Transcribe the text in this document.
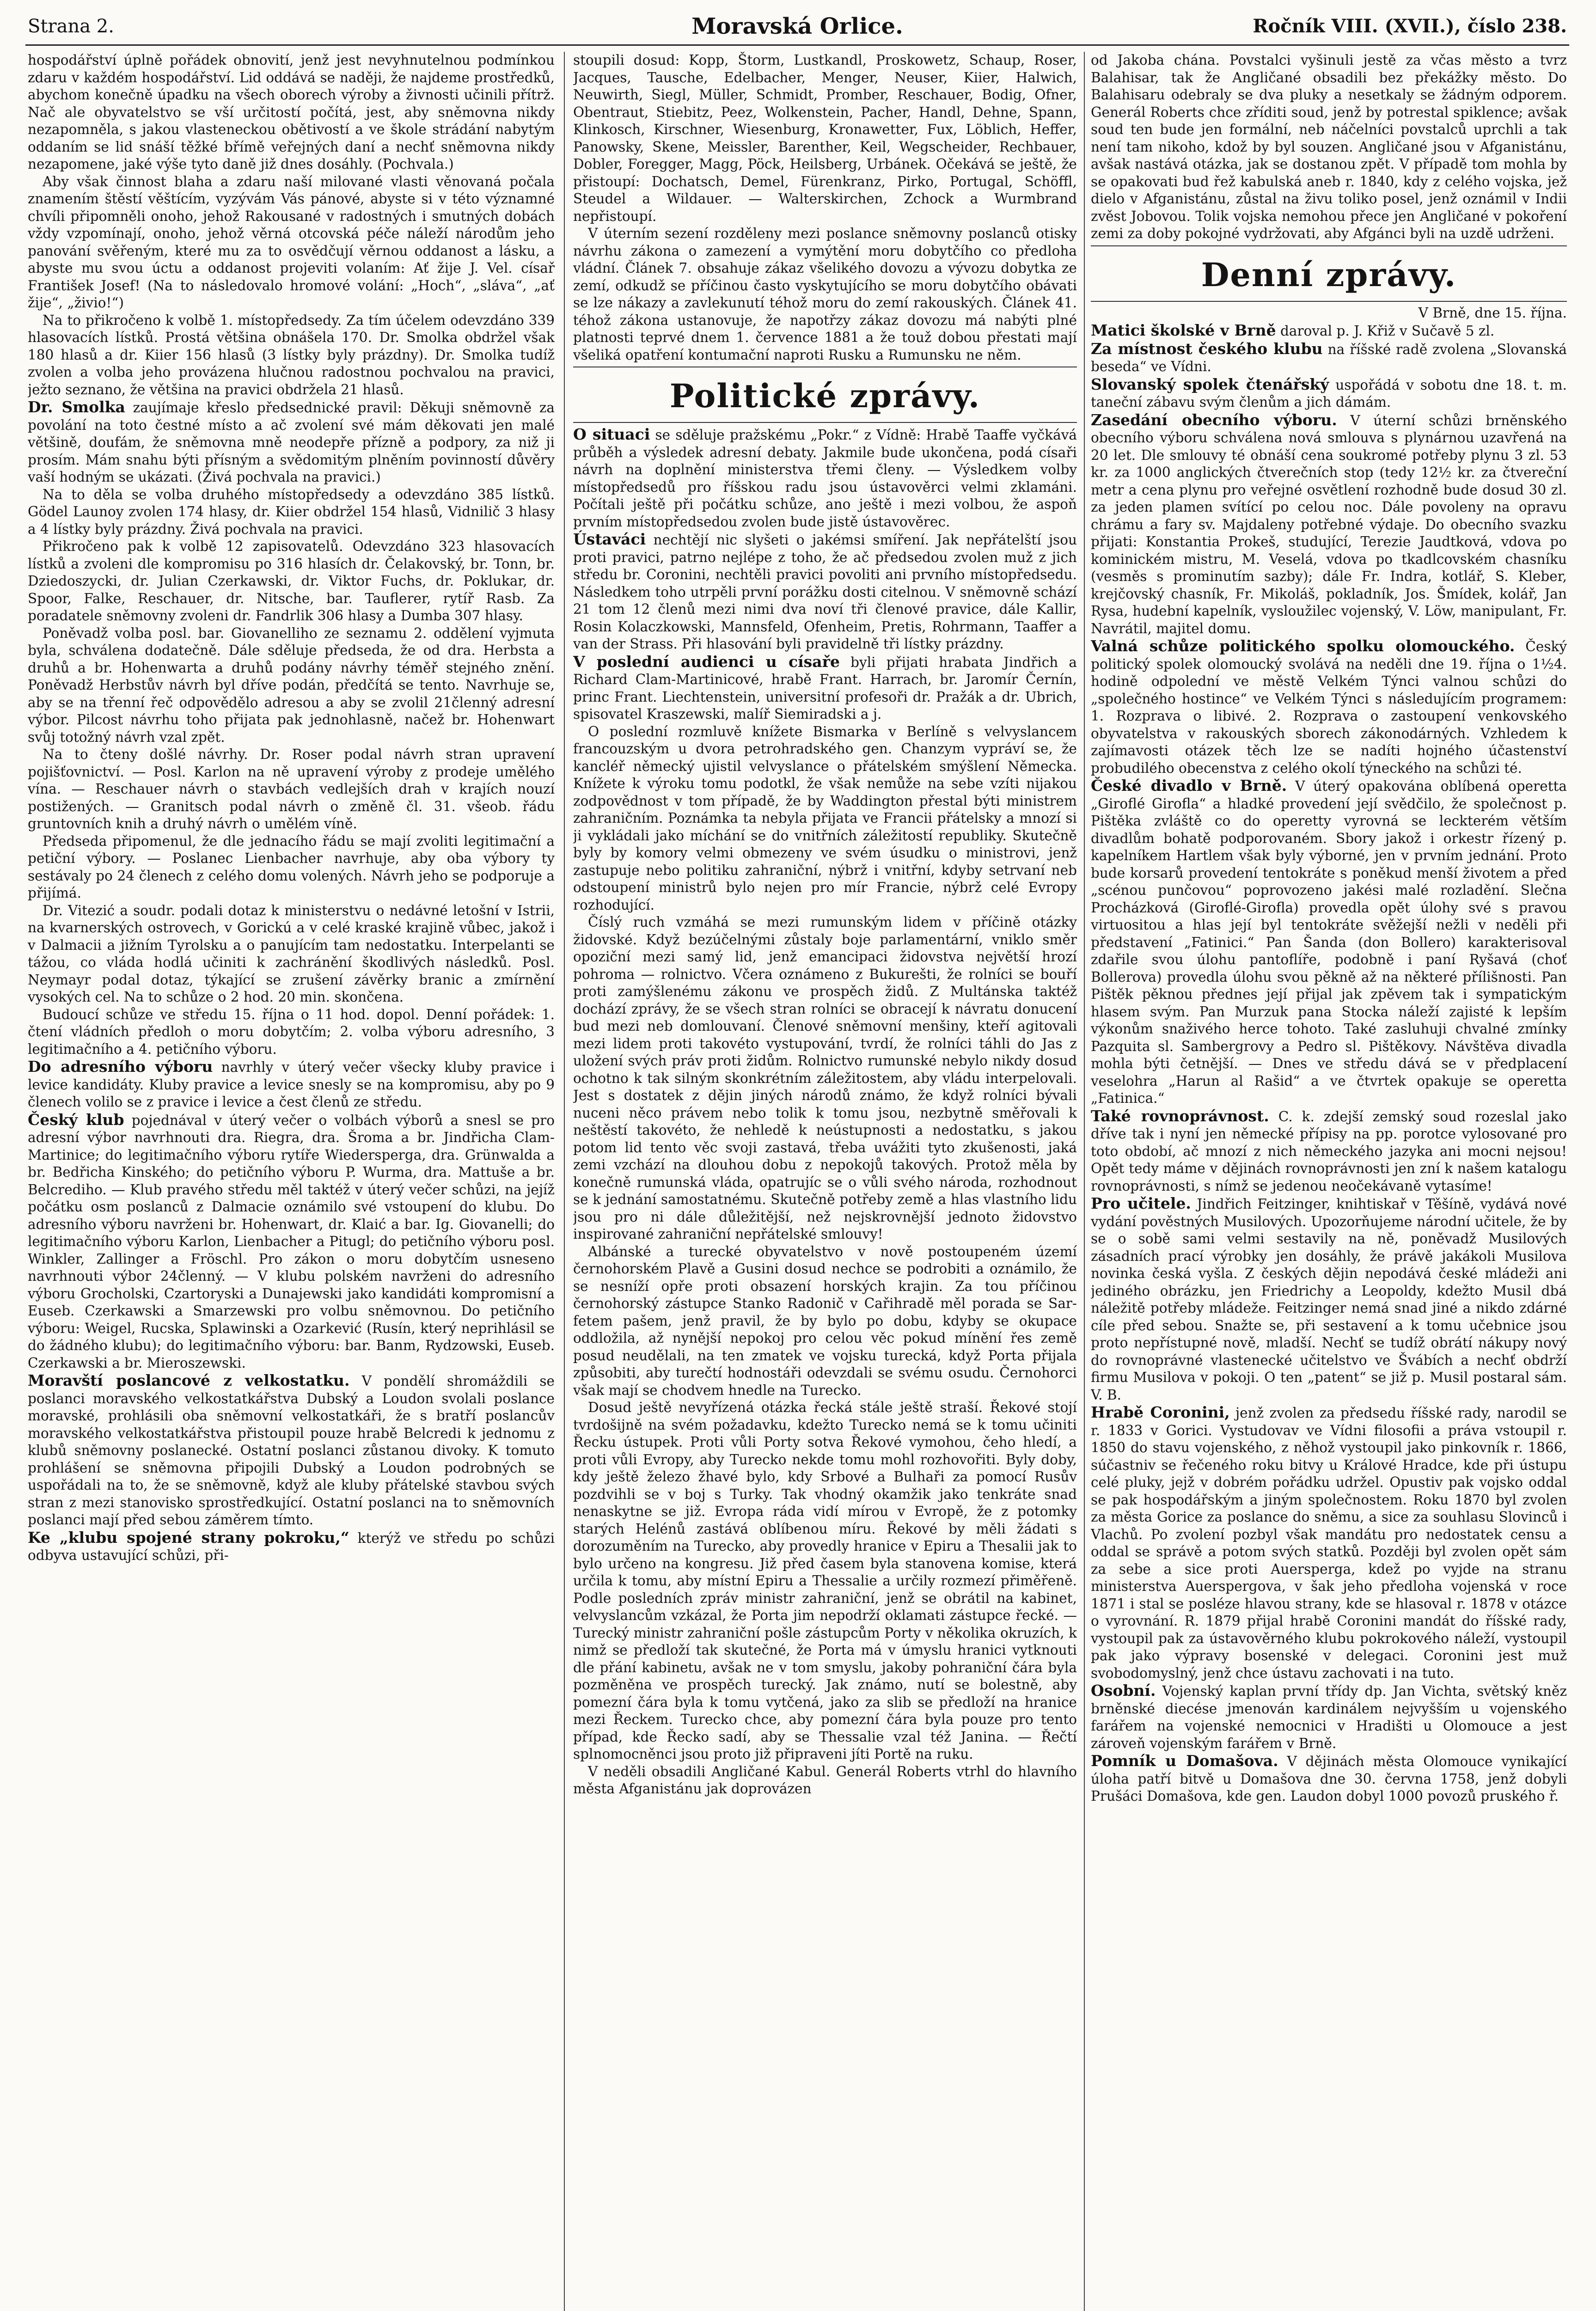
Strana 2.	Moravská Orlice.	Ročník VIII. (XVII.), číslo 238.

hospodářství úplně pořádek obnovití, jenž jest nevyhnutelnou podmínkou zdaru v každém hospodářství. Lid oddává se naději, že najdeme prostředků, abychom konečně úpadku na všech oborech výroby a živnosti učinili přítrž. Nač ale obyvatelstvo se vší určitostí počítá, jest, aby sněmovna nikdy nezapomněla, s jakou vlasteneckou obětivostí a ve škole strádání nabytým oddaním se lid snáší těžké břímě veřejných daní a nechť sněmovna nikdy nezapomene, jaké výše tyto daně již dnes dosáhly. (Pochvala.)

Aby však činnost blaha a zdaru naší milované vlasti věnovaná počala znamením štěstí věštícím, vyzývám Vás pánové, abyste si v této významné chvíli připomněli onoho, jehož Rakousané v radostných i smutných dobách vždy vzpomínají, onoho, jehož věrná otcovská péče náleží národům jeho panování svěřeným, které mu za to osvědčují věrnou oddanost a lásku, a abyste mu svou úctu a oddanost projeviti volaním: Ať žije J. Vel. císař František Josef! (Na to následovalo hromové volání: „Hoch“, „sláva“, „ať žije“, „živio!“)

Na to přikročeno k volbě 1. místopředsedy. Za tím účelem odevzdáno 339 hlasovacích lístků. Prostá většina obnášela 170. Dr. Smolka obdržel však 180 hlasů a dr. Kiier 156 hlasů (3 lístky byly prázdny). Dr. Smolka tudíž zvolen a volba jeho provázena hlučnou radostnou pochvalou na pravici, ježto seznano, že většina na pravici obdržela 21 hlasů.

Dr. Smolka zaujímaje křeslo předsednické pravil: Děkuji sněmovně za povolání na toto čestné místo a ač zvolení své mám děkovati jen malé většině, doufám, že sněmovna mně neodepře přízně a podpory, za niž ji prosím. Mám snahu býti přísným a svědomitým plněním povinností důvěry vaší hodným se ukázati. (Živá pochvala na pravici.)

Na to děla se volba druhého místopředsedy a odevzdáno 385 lístků. Gödel Launoy zvolen 174 hlasy, dr. Kiier obdržel 154 hlasů, Vidnilič 3 hlasy a 4 lístky byly prázdny. Živá pochvala na pravici.

Přikročeno pak k volbě 12 zapisovatelů. Odevzdáno 323 hlasovacích lístků a zvoleni dle kompromisu po 316 hlasích dr. Čelakovský, br. Tonn, br. Dziedoszycki, dr. Julian Czerkawski, dr. Viktor Fuchs, dr. Poklukar, dr. Spoor, Falke, Reschauer, dr. Nitsche, bar. Tauflerer, rytíř Rasb. Za poradatele sněmovny zvoleni dr. Fandrlik 306 hlasy a Dumba 307 hlasy.

Poněvadž volba posl. bar. Giovanelliho ze seznamu 2. oddělení vyjmuta byla, schválena dodatečně. Dále sděluje předseda, že od dra. Herbsta a druhů a br. Hohenwarta a druhů podány návrhy téměř stejného znění. Poněvadž Herbstův návrh byl dříve podán, předčítá se tento. Navrhuje se, aby se na třenní řeč odpovědělo adresou a aby se zvolil 21členný adresní výbor. Pilcost návrhu toho přijata pak jednohlasně, načež br. Hohenwart svůj totožný návrh vzal zpět.

Na to čteny došlé návrhy. Dr. Roser podal návrh stran upravení pojišťovnictví. — Posl. Karlon na ně upravení výroby z prodeje umělého vína. — Reschauer návrh o stavbách vedlejších drah v krajích nouzí postižených. — Granitsch podal návrh o změně čl. 31. všeob. řádu gruntovních knih a druhý návrh o umělém víně.

Předseda připomenul, že dle jednacího řádu se mají zvoliti legitimační a petiční výbory. — Poslanec Lienbacher navrhuje, aby oba výbory ty sestávaly po 24 členech z celého domu volených. Návrh jeho se podporuje a přijímá.

Dr. Vitezić a soudr. podali dotaz k ministerstvu o nedávné letošní v Istrii, na kvarnerských ostrovech, v Gorickú a v celé kraské krajině vůbec, jakož i v Dalmacii a jižním Tyrolsku a o panujícím tam nedostatku. Interpelanti se tážou, co vláda hodlá učiniti k zachránění škodlivých následků. Posl. Neymayr podal dotaz, týkající se zrušení závěrky branic a zmírnění vysokých cel. Na to schůze o 2 hod. 20 min. skončena.

Budoucí schůze ve středu 15. října o 11 hod. dopol. Denní pořádek: 1. čtení vládních předloh o moru dobytčím; 2. volba výboru adresního, 3 legitimačního a 4. petičního výboru.

Do adresního výboru navrhly v úterý večer všecky kluby pravice i levice kandidáty. Kluby pravice a levice snesly se na kompromisu, aby po 9 členech volilo se z pravice i levice a čest členů ze středu.

Český klub pojednával v úterý večer o volbách výborů a snesl se pro adresní výbor navrhnouti dra. Riegra, dra. Šroma a br. Jindřicha Clam-Martinice; do legitimačního výboru rytíře Wiedersperga, dra. Grünwalda a br. Bedřicha Kinského; do petičního výboru P. Wurma, dra. Mattuše a br. Belcrediho. — Klub pravého středu měl taktéž v úterý večer schůzi, na jejíž počátku osm poslanců z Dalmacie oznámilo své vstoupení do klubu. Do adresního výboru navrženi br. Hohenwart, dr. Klaić a bar. Ig. Giovanelli; do legitimačního výboru Karlon, Lienbacher a Pitugl; do petičního výboru posl. Winkler, Zallinger a Fröschl. Pro zákon o moru dobytčím usneseno navrhnouti výbor 24členný. — V klubu polském navrženi do adresního výboru Grocholski, Czartoryski a Dunajewski jako kandidáti kompromisní a Euseb. Czerkawski a Smarzewski pro volbu sněmovnou. Do petičního výboru: Weigel, Rucska, Splawinski a Ozarkević (Rusín, který neprihlásil se do žádného klubu); do legitimačního výboru: bar. Banm, Rydzowski, Euseb. Czerkawski a br. Mieroszewski.

Moravští poslancové z velkostatku. V pondělí shromáždili se poslanci moravského velkostatkářstva Dubský a Loudon svolali poslance moravské, prohlásili oba sněmovní velkostatkáři, že s bratří poslancův moravského velkostatkářstva přistoupil pouze hrabě Belcredi k jednomu z klubů sněmovny poslanecké. Ostatní poslanci zůstanou divoky. K tomuto prohlášení se sněmovna připojili Dubský a Loudon podrobných se uspořádali na to, že se sněmovně, když ale kluby přátelské stavbou svých stran z mezi stanovisko sprostředkující. Ostatní poslanci na to sněmovních poslanci mají před sebou záměrem tímto.

Ke „klubu spojené strany pokroku,“ kterýž ve středu po schůzi odbyva ustavující schůzi, při-

stoupili dosud: Kopp, Štorm, Lustkandl, Proskowetz, Schaup, Roser, Jacques, Tausche, Edelbacher, Menger, Neuser, Kiier, Halwich, Neuwirth, Siegl, Müller, Schmidt, Promber, Reschauer, Bodig, Ofner, Obentraut, Stiebitz, Peez, Wolkenstein, Pacher, Handl, Dehne, Spann, Klinkosch, Kirschner, Wiesenburg, Kronawetter, Fux, Löblich, Heffer, Panowsky, Skene, Meissler, Barenther, Keil, Wegscheider, Rechbauer, Dobler, Foregger, Magg, Pöck, Heilsberg, Urbánek. Očekává se ještě, že přistoupí: Dochatsch, Demel, Fürenkranz, Pirko, Portugal, Schöffl, Steudel a Wildauer. — Walterskirchen, Zchock a Wurmbrand nepřistoupí.

V úterním sezení rozděleny mezi poslance sněmovny poslanců otisky návrhu zákona o zamezení a vymýtění moru dobytčího co předloha vládní. Článek 7. obsahuje zákaz všelikého dovozu a vývozu dobytka ze zemí, odkudž se příčinou často vyskytujícího se moru dobytčího obávati se lze nákazy a zavlekunutí téhož moru do zemí rakouských. Článek 41. téhož zákona ustanovuje, že napotřzy zákaz dovozu má nabýti plné platnosti teprvé dnem 1. července 1881 a že touž dobou přestati mají všeliká opatření kontumační naproti Rusku a Rumunsku ne něm.

Politické zprávy.

O situaci se sděluje pražskému „Pokr.“ z Vídně: Hrabě Taaffe vyčkává průběh a výsledek adresní debaty. Jakmile bude ukončena, podá císaři návrh na doplnění ministerstva třemi členy. — Výsledkem volby místopředsedů pro říšskou radu jsou ústavověrci velmi zklamáni. Počítali ještě při počátku schůze, ano ještě i mezi volbou, že aspoň prvním místopředsedou zvolen bude jistě ústavověrec.

Ústaváci nechtějí nic slyšeti o jakémsi smíření. Jak nepřátelští jsou proti pravici, patrno nejlépe z toho, že ač předsedou zvolen muž z jich středu br. Coronini, nechtěli pravici povoliti ani prvního místopředsedu. Následkem toho utrpěli první porážku dosti citelnou. V sněmovně schází 21 tom 12 členů mezi nimi dva noví tři členové pravice, dále Kallir, Rosin Kolaczkowski, Mannsfeld, Ofenheim, Pretis, Rohrmann, Taaffer a van der Strass. Při hlasování byli pravidelně tři lístky prázdny.

V poslední audienci u císaře byli přijati hrabata Jindřich a Richard Clam-Martinicové, hrabě Frant. Harrach, br. Jaromír Černín, princ Frant. Liechtenstein, universitní profesoři dr. Pražák a dr. Ubrich, spisovatel Kraszewski, malíř Siemiradski a j.

O poslední rozmluvě knížete Bismarka v Berlíně s velvyslancem francouzským u dvora petrohradského gen. Chanzym vypráví se, že kancléř německý ujistil velvyslance o přátelském smýšlení Německa. Knížete k výroku tomu podotkl, že však nemůže na sebe vzíti nijakou zodpovědnost v tom případě, že by Waddington přestal býti ministrem zahraničním. Poznámka ta nebyla přijata ve Francii přátelsky a mnozí si ji vykládali jako míchání se do vnitřních záležitostí republiky. Skutečně byly by komory velmi obmezeny ve svém úsudku o ministrovi, jenž zastupuje nebo politiku zahraniční, nýbrž i vnitřní, kdyby setrvaní neb odstoupení ministrů bylo nejen pro mír Francie, nýbrž celé Evropy rozhodující.

Číslý ruch vzmáhá se mezi rumunským lidem v příčině otázky židovské. Když bezúčelnými zůstaly boje parlamentární, vniklo směr opoziční mezi samý lid, jenž emancipaci židovstva největší hrozí pohroma — rolnictvo. Včera oznámeno z Bukurešti, že rolníci se bouří proti zamýšlenému zákonu ve prospěch židů. Z Multánska taktéž dochází zprávy, že se všech stran rolníci se obracejí k návratu donucení bud mezi neb domlouvaní. Členové sněmovní menšiny, kteří agitovali mezi lidem proti takovéto vystupování, tvrdí, že rolníci táhli do Jas z uložení svých práv proti židům. Rolnictvo rumunské nebylo nikdy dosud ochotno k tak silným skonkrétním záležitostem, aby vládu interpelovali. Jest s dostatek z dějin jiných národů známo, že když rolníci bývali nuceni něco právem nebo tolik k tomu jsou, nezbytně směřovali k neštěstí takovéto, že nehledě k neústupnosti a nedostatku, s jakou potom lid tento věc svoji zastavá, třeba uvážiti tyto zkušenosti, jaká zemi vzchází na dlouhou dobu z nepokojů takových. Protož měla by konečně rumunská vláda, opatrujíc se o vůli svého národa, rozhodnout se k jednání samostatnému. Skutečně potřeby země a hlas vlastního lidu jsou pro ni dále důležitější, než nejskrovnější jednoto židovstvo inspirované zahraniční nepřátelské smlouvy!

Albánské a turecké obyvatelstvo v nově postoupeném území černohorském Plavě a Gusini dosud nechce se podrobiti a oznámilo, že se nesníží opře proti obsazení horských krajin. Za tou příčinou černohorský zástupce Stanko Radonič v Cařihradě měl porada se Sar-fetem pašem, jenž pravil, že by bylo po dobu, kdyby se okupace oddložila, až nynější nepokoj pro celou věc pokud mínění řes země posud neudělali, na ten zmatek ve vojsku turecká, když Porta přijala způsobiti, aby turečtí hodnostáři odevzdali se svému osudu. Černohorci však mají se chodvem hnedle na Turecko.

Dosud ještě nevyřízená otázka řecká stále ještě straší. Řekové stojí tvrdošijně na svém požadavku, kdežto Turecko nemá se k tomu učiniti Řecku ústupek. Proti vůli Porty sotva Řekové vymohou, čeho hledí, a proti vůli Evropy, aby Turecko nekde tomu mohl rozhovořiti. Byly doby, kdy ještě železo žhavé bylo, kdy Srbové a Bulhaři za pomocí Rusův pozdvihli se v boj s Turky. Tak vhodný okamžik jako tenkráte snad nenaskytne se již. Evropa ráda vidí mírou v Evropě, že z potomky starých Helénů zastává oblíbenou míru. Řekové by měli žádati s dorozuměním na Turecko, aby provedly hranice v Epiru a Thesalii jak to bylo určeno na kongresu. Již před časem byla stanovena komise, která určila k tomu, aby místní Epiru a Thessalie a určily rozmezí přiměřeně. Podle posledních zpráv ministr zahraniční, jenž se obrátil na kabinet, velvyslancům vzkázal, že Porta jim nepodrží oklamati zástupce řecké. — Turecký ministr zahraniční pošle zástupcům Porty v několika okruzích, k nimž se předloží tak skutečné, že Porta má v úmyslu hranici vytknouti dle přání kabinetu, avšak ne v tom smyslu, jakoby pohraniční čára byla pozměněna ve prospěch turecký. Jak známo, nutí se bolestně, aby pomezní čára byla k tomu vytčená, jako za slib se předloží na hranice mezi Řeckem. Turecko chce, aby pomezní čára byla pouze pro tento případ, kde Řecko sadí, aby se Thessalie vzal též Janina. — Řečtí splnomocněnci jsou proto již připraveni jíti Portě na ruku.

V neděli obsadili Angličané Kabul. Generál Roberts vtrhl do hlavního města Afganistánu jak doprovázen

od Jakoba chána. Povstalci vyšinuli jestě za včas město a tvrz Balahisar, tak že Angličané obsadili bez překážky město. Do Balahisaru odebraly se dva pluky a nesetkaly se žádným odporem. Generál Roberts chce zříditi soud, jenž by potrestal spiklence; avšak soud ten bude jen formální, neb náčelníci povstalců uprchli a tak není tam nikoho, kdož by byl souzen. Angličané jsou v Afganistánu, avšak nastává otázka, jak se dostanou zpět. V případě tom mohla by se opakovati bud řež kabulská aneb r. 1840, kdy z celého vojska, jež dielo v Afganistánu, zůstal na živu toliko posel, jenž oznámil v Indii zvěst Jobovou. Tolik vojska nemohou přece jen Angličané v pokoření zemi za doby pokojné vydržovati, aby Afgánci byli na uzdě udrženi.

Denní zprávy.

V Brně, dne 15. října.

Matici školské v Brně daroval p. J. Křiž v Sučavě 5 zl.

Za místnost českého klubu na říšské radě zvolena „Slovanská beseda“ ve Vídni.

Slovanský spolek čtenářský uspořádá v sobotu dne 18. t. m. taneční zábavu svým členům a jich dámám.

Zasedání obecního výboru. V úterní schůzi brněnského obecního výboru schválena nová smlouva s plynárnou uzavřená na 20 let. Dle smlouvy té obnáší cena soukromé potřeby plynu 3 zl. 53 kr. za 1000 anglických čtverečních stop (tedy 12½ kr. za čtvereční metr a cena plynu pro veřejné osvětlení rozhodně bude dosud 30 zl. za jeden plamen svítící po celou noc. Dále povoleny na opravu chrámu a fary sv. Majdaleny potřebné výdaje. Do obecního svazku přijati: Konstantia Prokeš, studující, Terezie Jaudtková, vdova po kominickém mistru, M. Veselá, vdova po tkadlcovském chasníku (vesměs s prominutím sazby); dále Fr. Indra, kotlář, S. Kleber, krejčovský chasník, Fr. Mikoláš, pokladník, Jos. Šmídek, kolář, Jan Rysa, hudební kapelník, vysloužilec vojenský, V. Löw, manipulant, Fr. Navrátil, majitel domu.

Valná schůze politického spolku olomouckého. Český politický spolek olomoucký svolává na neděli dne 19. října o 1½4. hodině odpolední ve městě Velkém Týnci valnou schůzi do „společného hostince“ ve Velkém Týnci s následujícím programem: 1. Rozprava o libivé. 2. Rozprava o zastoupení venkovského obyvatelstva v rakouských sborech zákonodárných. Vzhledem k zajímavosti otázek těch lze se nadíti hojného účastenství probudilého obecenstva z celého okolí týneckého na schůzi té.

České divadlo v Brně. V úterý opakována oblíbená operetta „Giroflé Girofla“ a hladké provedení její svědčilo, že společnost p. Pištěka zvláště co do operetty vyrovná se leckterém větším divadlům bohatě podporovaném. Sbory jakož i orkestr řízený p. kapelníkem Hartlem však byly výborné, jen v prvním jednání. Proto bude korsarů provedení tentokráte s poněkud menší životem a před „scénou punčovou“ poprovozeno jakési malé rozladění. Slečna Procházková (Giroflé-Girofla) provedla opět úlohy své s pravou virtuositou a hlas její byl tentokráte svěžejší nežli v neděli při představení „Fatinici.“ Pan Šanda (don Bollero) karakterisoval zdařile svou úlohu pantoflíře, podobně i paní Ryšavá (choť Bollerova) provedla úlohu svou pěkně až na některé přílišnosti. Pan Pištěk pěknou přednes její přijal jak zpěvem tak i sympatickým hlasem svým. Pan Murzuk pana Stocka náleží zajisté k lepším výkonům snaživého herce tohoto. Také zasluhuji chvalné zmínky Pazquita sl. Sambergrovy a Pedro sl. Pištěkovy. Návštěva divadla mohla býti četnější. — Dnes ve středu dává se v předplacení veselohra „Harun al Rašid“ a ve čtvrtek opakuje se operetta „Fatinica.“

Také rovnoprávnost. C. k. zdejší zemský soud rozeslal jako dříve tak i nyní jen německé přípisy na pp. porotce vylosované pro toto období, ač mnozí z nich německého jazyka ani mocni nejsou! Opět tedy máme v dějinách rovnoprávnosti jen zní k našem katalogu rovnoprávnosti, s nímž se jedenou neočekávaně vytasíme!

Pro učitele. Jindřich Feitzinger, knihtiskař v Těšíně, vydává nové vydání pověstných Musilových. Upozorňujeme národní učitele, že by se o sobě sami velmi sestavily na ně, poněvadž Musilových zásadních prací výrobky jen dosáhly, že právě jakákoli Musilova novinka česká vyšla. Z českých dějin nepodává české mládeži ani jediného obrázku, jen Friedrichy a Leopoldy, kdežto Musil dbá náležitě potřeby mládeže. Feitzinger nemá snad jiné a nikdo zdárné cíle před sebou. Snažte se, při sestavení a k tomu učebnice jsou proto nepřístupné nově, mladší. Nechť se tudíž obrátí nákupy nový do rovnoprávné vlastenecké učitelstvo ve Švábích a nechť obdrží firmu Musilova v pokoji. O ten „patent“ se již p. Musil postaral sám. V. B.

Hrabě Coronini, jenž zvolen za předsedu říšské rady, narodil se r. 1833 v Gorici. Vystudovav ve Vídni filosofii a práva vstoupil r. 1850 do stavu vojenského, z něhož vystoupil jako pinkovník r. 1866, súčastniv se řečeného roku bitvy u Králové Hradce, kde při ústupu celé pluky, jejž v dobrém pořádku udržel. Opustiv pak vojsko oddal se pak hospodářským a jiným společnostem. Roku 1870 byl zvolen za města Gorice za poslance do sněmu, a sice za souhlasu Slovinců i Vlachů. Po zvolení pozbyl však mandátu pro nedostatek censu a oddal se správě a potom svých statků. Později byl zvolen opět sám za sebe a sice proti Auersperga, kdež po vyjde na stranu ministerstva Auerspergova, v šak jeho předloha vojenská v roce 1871 i stal se posléze hlavou strany, kde se hlasoval r. 1878 v otázce o vyrovnání. R. 1879 přijal hrabě Coronini mandát do říšské rady, vystoupil pak za ústavověrného klubu pokrokového náleží, vystoupil pak jako výpravy bosenské v delegaci. Coronini jest muž svobodomyslný, jenž chce ústavu zachovati i na tuto.

Osobní. Vojenský kaplan první třídy dp. Jan Vichta, světský kněz brněnské diecése jmenován kardinálem nejvyšším u vojenského farářem na vojenské nemocnici v Hradišti u Olomouce a jest zároveň vojenským farářem v Brně.

Pomník u Domašova. V dějinách města Olomouce vynikající úloha patří bitvě u Domašova dne 30. června 1758, jenž dobyli Prušáci Domašova, kde gen. Laudon dobyl 1000 povozů pruského ř.
